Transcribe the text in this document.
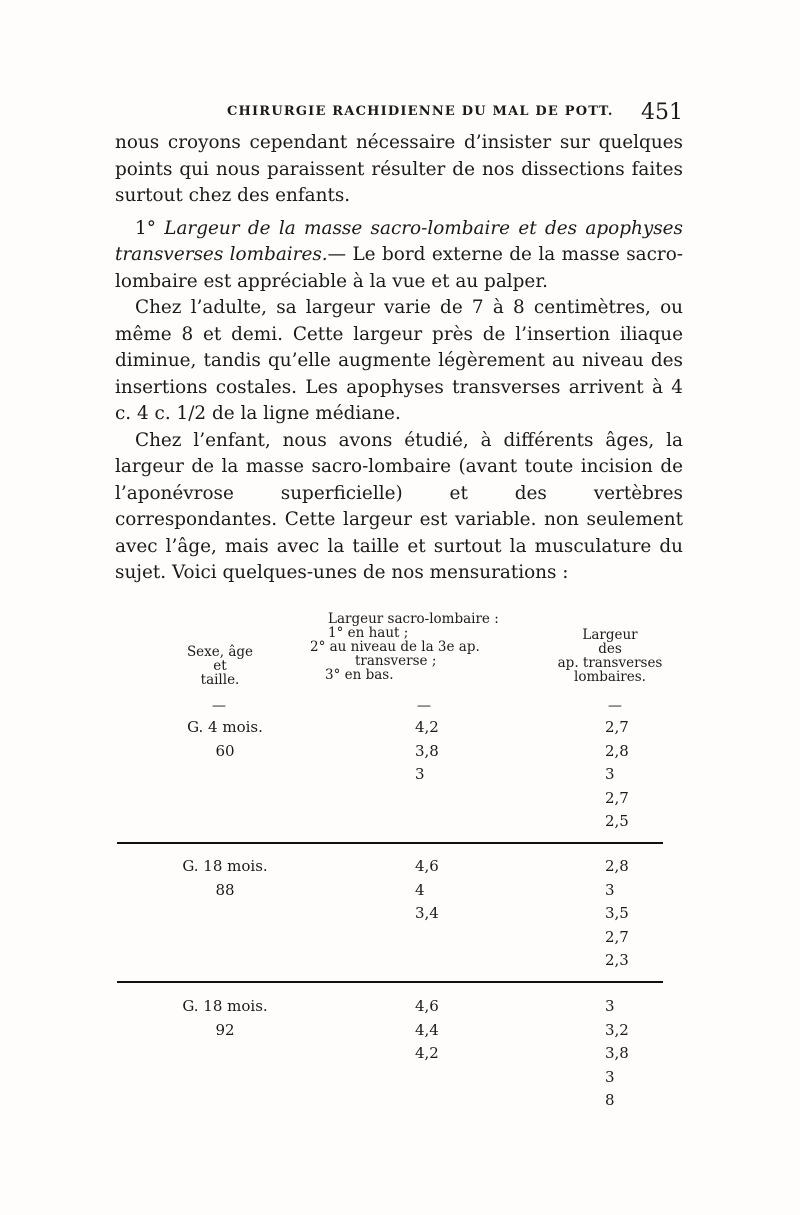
CHIRURGIE RACHIDIENNE DU MAL DE POTT. 451

nous croyons cependant nécessaire d’insister sur quelques points qui nous paraissent résulter de nos dissections faites surtout chez des enfants.

1° Largeur de la masse sacro-lombaire et des apophyses transverses lombaires.— Le bord externe de la masse sacro-lombaire est appréciable à la vue et au palper.

Chez l’adulte, sa largeur varie de 7 à 8 centimètres, ou même 8 et demi. Cette largeur près de l’insertion iliaque diminue, tandis qu’elle augmente légèrement au niveau des insertions costales. Les apophyses transverses arrivent à 4 c. 4 c. 1/2 de la ligne médiane.

Chez l’enfant, nous avons étudié, à différents âges, la largeur de la masse sacro-lombaire (avant toute incision de l’aponévrose superficielle) et des vertèbres correspondantes. Cette largeur est variable. non seulement avec l’âge, mais avec la taille et surtout la musculature du sujet. Voici quelques-unes de nos mensurations :

Sexe, âge
et
taille.
Largeur sacro-lombaire :
1° en haut ;
2° au niveau de la 3e ap.
transverse ;
3° en bas.
Largeur
des
ap. transverses
lombaires.
—	—	—
G. 4 mois.
60
4,2
3,8
3
2,7
2,8
3
2,7
2,5
G. 18 mois.
88
4,6
4
3,4
2,8
3
3,5
2,7
2,3
G. 18 mois.
92
4,6
4,4
4,2
3
3,2
3,8
3
8
